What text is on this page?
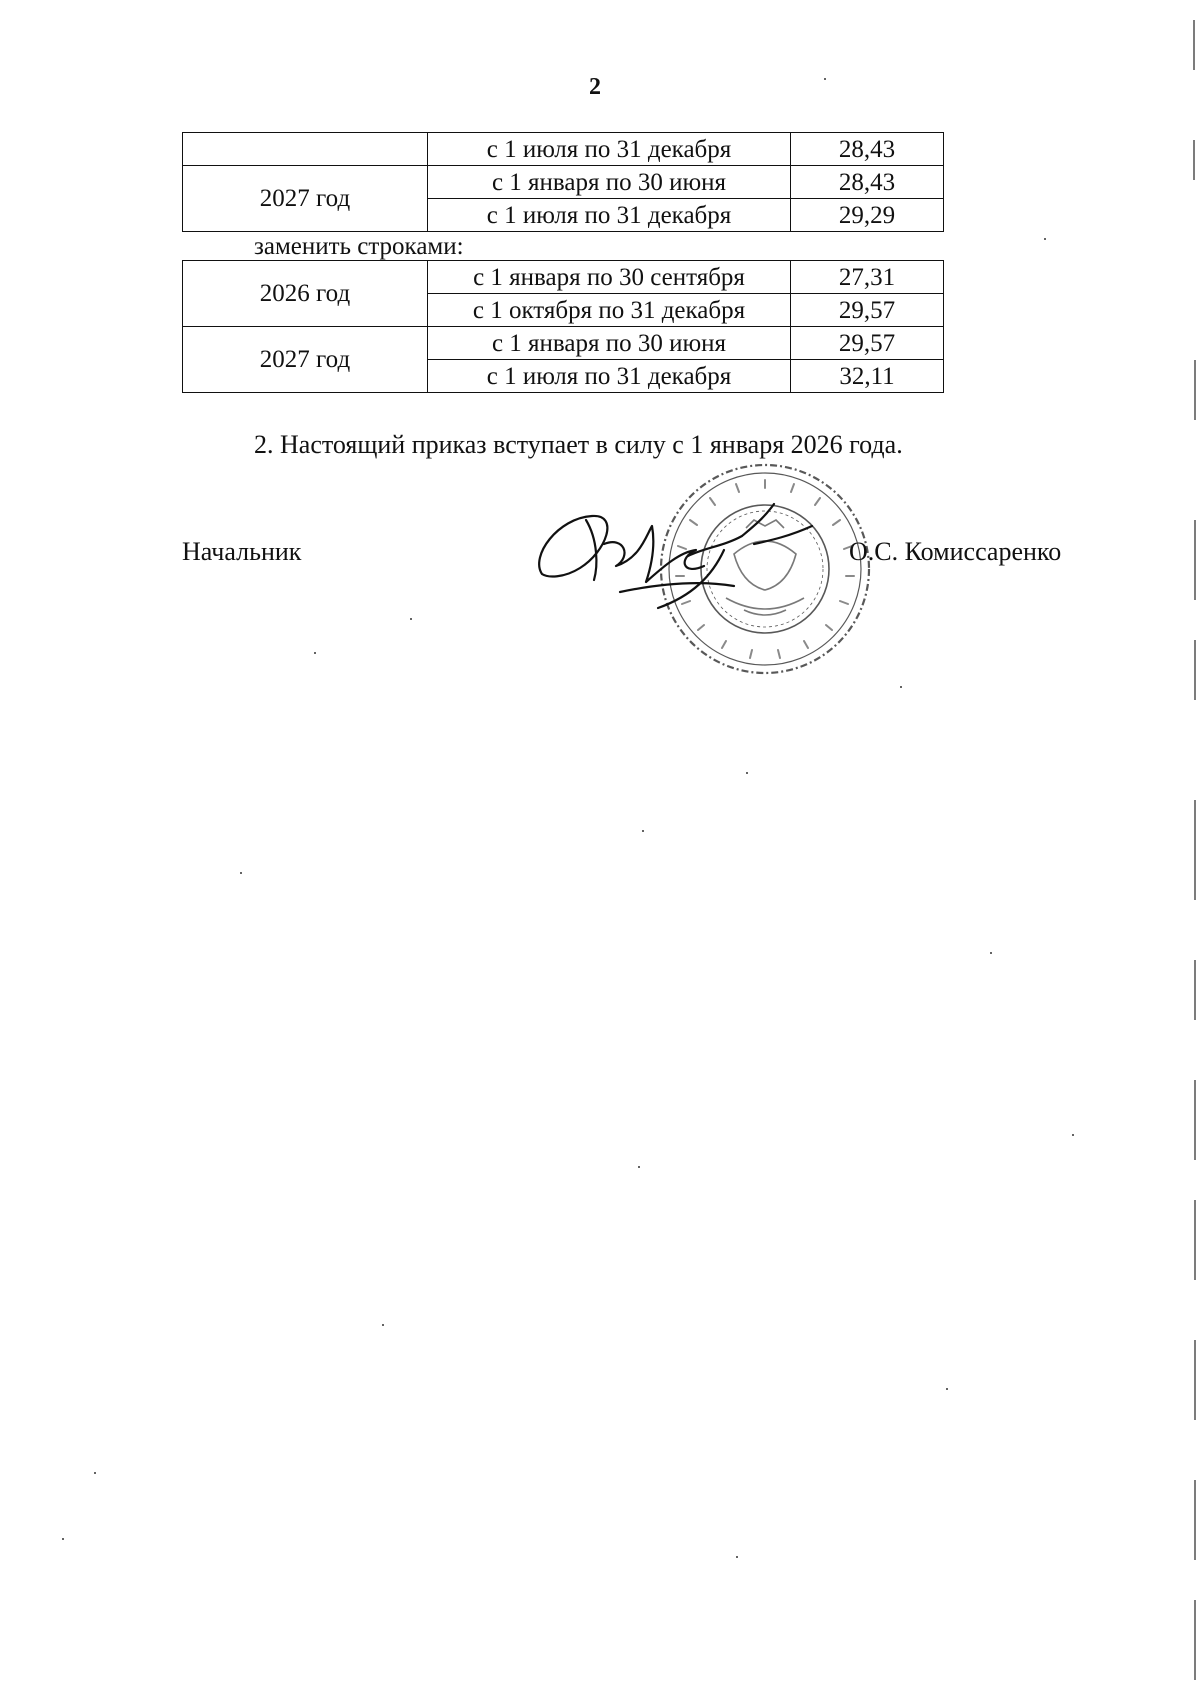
2
	с 1 июля по 31 декабря	28,43
2027 год	с 1 января по 30 июня	28,43
	с 1 июля по 31 декабря	29,29
заменить строками:
2026 год	с 1 января по 30 сентября	27,31
	с 1 октября по 31 декабря	29,57
2027 год	с 1 января по 30 июня	29,57
	с 1 июля по 31 декабря	32,11
2. Настоящий приказ вступает в силу с 1 января 2026 года.
Начальник	О.С. Комиссаренко
